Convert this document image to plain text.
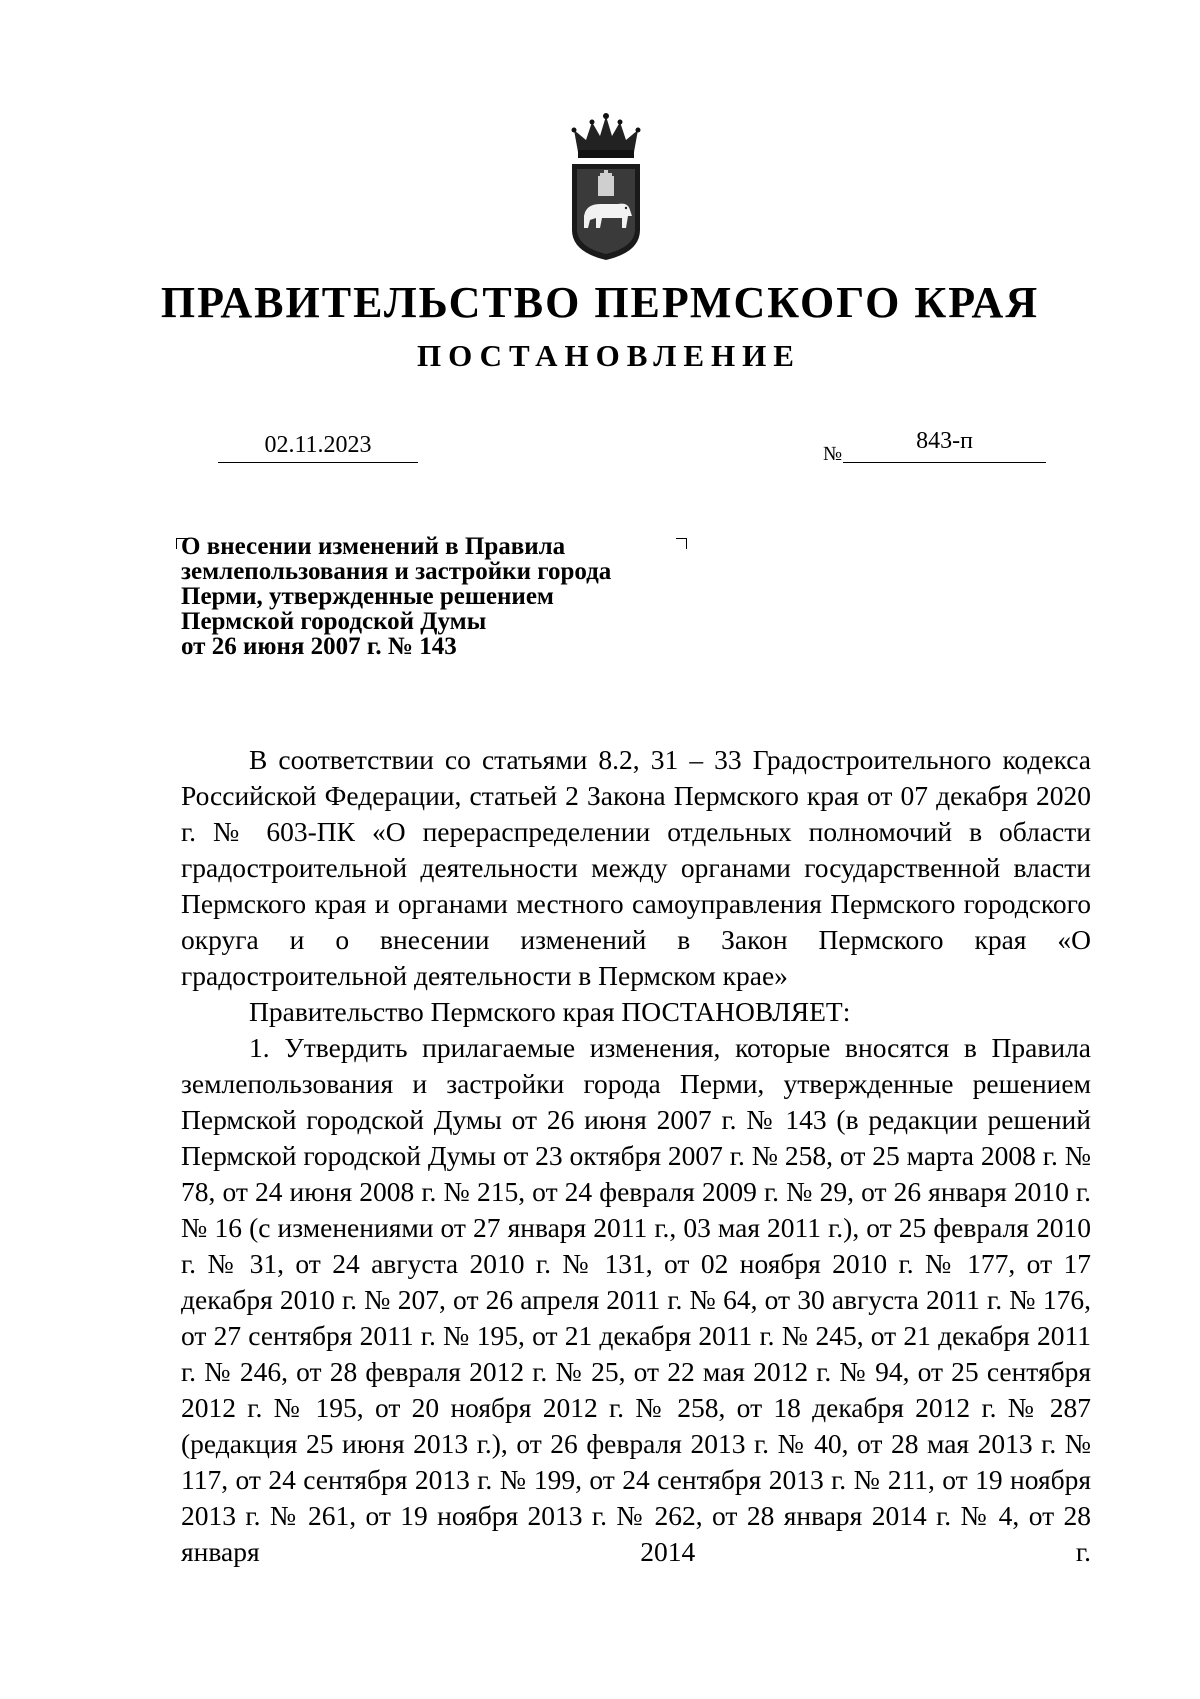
ПРАВИТЕЛЬСТВО ПЕРМСКОГО КРАЯ
ПОСТАНОВЛЕНИЕ
02.11.2023	№	843-п
О внесении изменений в Правила
землепользования и застройки города
Перми, утвержденные решением
Пермской городской Думы
от 26 июня 2007 г. № 143

В соответствии со статьями 8.2, 31 – 33 Градостроительного кодекса Российской Федерации, статьей 2 Закона Пермского края от 07 декабря 2020 г. № 603-ПК «О перераспределении отдельных полномочий в области градостроительной деятельности между органами государственной власти Пермского края и органами местного самоуправления Пермского городского округа и о внесении изменений в Закон Пермского края «О градостроительной деятельности в Пермском крае»

Правительство Пермского края ПОСТАНОВЛЯЕТ:

1. Утвердить прилагаемые изменения, которые вносятся в Правила землепользования и застройки города Перми, утвержденные решением Пермской городской Думы от 26 июня 2007 г. № 143 (в редакции решений Пермской городской Думы от 23 октября 2007 г. № 258, от 25 марта 2008 г. № 78, от 24 июня 2008 г. № 215, от 24 февраля 2009 г. № 29, от 26 января 2010 г. № 16 (с изменениями от 27 января 2011 г., 03 мая 2011 г.), от 25 февраля 2010 г. № 31, от 24 августа 2010 г. № 131, от 02 ноября 2010 г. № 177, от 17 декабря 2010 г. № 207, от 26 апреля 2011 г. № 64, от 30 августа 2011 г. № 176, от 27 сентября 2011 г. № 195, от 21 декабря 2011 г. № 245, от 21 декабря 2011 г. № 246, от 28 февраля 2012 г. № 25, от 22 мая 2012 г. № 94, от 25 сентября 2012 г. № 195, от 20 ноября 2012 г. № 258, от 18 декабря 2012 г. № 287 (редакция 25 июня 2013 г.), от 26 февраля 2013 г. № 40, от 28 мая 2013 г. № 117, от 24 сентября 2013 г. № 199, от 24 сентября 2013 г. № 211, от 19 ноября 2013 г. № 261, от 19 ноября 2013 г. № 262, от 28 января 2014 г. № 4, от 28 января 2014 г.
